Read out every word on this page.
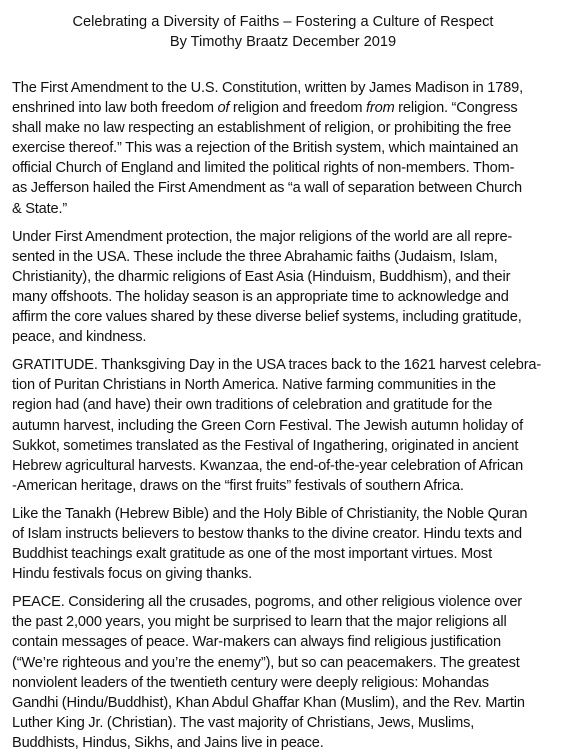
Celebrating a Diversity of Faiths – Fostering a Culture of Respect
By Timothy Braatz December 2019
The First Amendment to the U.S. Constitution, written by James Madison in 1789,
enshrined into law both freedom of religion and freedom from religion. “Congress
shall make no law respecting an establishment of religion, or prohibiting the free
exercise thereof.” This was a rejection of the British system, which maintained an
official Church of England and limited the political rights of non-members. Thom-
as Jefferson hailed the First Amendment as “a wall of separation between Church
& State.”
Under First Amendment protection, the major religions of the world are all repre-
sented in the USA. These include the three Abrahamic faiths (Judaism, Islam,
Christianity), the dharmic religions of East Asia (Hinduism, Buddhism), and their
many offshoots. The holiday season is an appropriate time to acknowledge and
affirm the core values shared by these diverse belief systems, including gratitude,
peace, and kindness.
GRATITUDE. Thanksgiving Day in the USA traces back to the 1621 harvest celebra-
tion of Puritan Christians in North America. Native farming communities in the
region had (and have) their own traditions of celebration and gratitude for the
autumn harvest, including the Green Corn Festival. The Jewish autumn holiday of
Sukkot, sometimes translated as the Festival of Ingathering, originated in ancient
Hebrew agricultural harvests. Kwanzaa, the end-of-the-year celebration of African
-American heritage, draws on the “first fruits” festivals of southern Africa.
Like the Tanakh (Hebrew Bible) and the Holy Bible of Christianity, the Noble Quran
of Islam instructs believers to bestow thanks to the divine creator. Hindu texts and
Buddhist teachings exalt gratitude as one of the most important virtues. Most
Hindu festivals focus on giving thanks.
PEACE. Considering all the crusades, pogroms, and other religious violence over
the past 2,000 years, you might be surprised to learn that the major religions all
contain messages of peace. War-makers can always find religious justification
(“We’re righteous and you’re the enemy”), but so can peacemakers. The greatest
nonviolent leaders of the twentieth century were deeply religious: Mohandas
Gandhi (Hindu/Buddhist), Khan Abdul Ghaffar Khan (Muslim), and the Rev. Martin
Luther King Jr. (Christian). The vast majority of Christians, Jews, Muslims,
Buddhists, Hindus, Sikhs, and Jains live in peace.
